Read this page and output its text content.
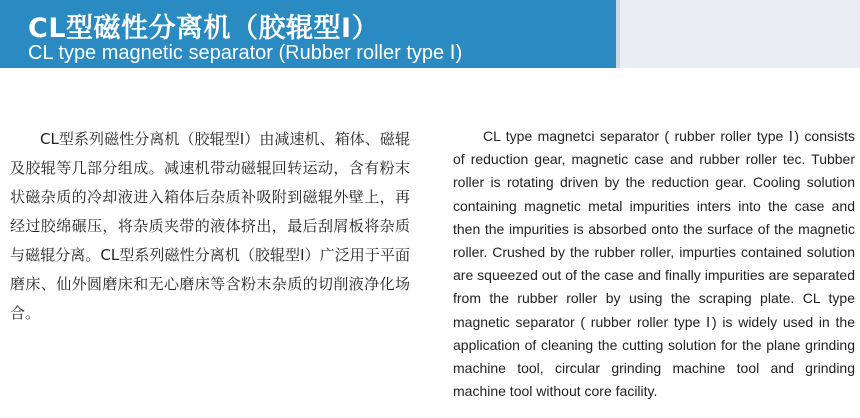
CL型磁性分离机（胶辊型Ⅰ）
CL type magnetic separator (Rubber roller type Ⅰ)

CL型系列磁性分离机（胶辊型Ⅰ）由减速机、箱体、磁辊及胶辊等几部分组成。减速机带动磁辊回转运动，含有粉末状磁杂质的冷却液进入箱体后杂质补吸附到磁辊外壁上，再经过胶绵碾压，将杂质夹带的液体挤出，最后刮屑板将杂质与磁辊分离。CL型系列磁性分离机（胶辊型Ⅰ）广泛用于平面磨床、仙外圆磨床和无心磨床等含粉末杂质的切削液净化场合。

CL type magnetci separator ( rubber roller type Ⅰ) consists of reduction gear, magnetic case and rubber roller tec. Tubber roller is rotating driven by the reduction gear. Cooling solution containing magnetic metal impurities inters into the case and then the impurities is absorbed onto the surface of the magnetic roller. Crushed by the rubber roller, impurties contained solution are squeezed out of the case and finally impurities are separated from the rubber roller by using the scraping plate. CL type magnetic separator ( rubber roller type Ⅰ) is widely used in the application of cleaning the cutting solution for the plane grinding machine tool, circular grinding machine tool and grinding machine tool without core facility.
